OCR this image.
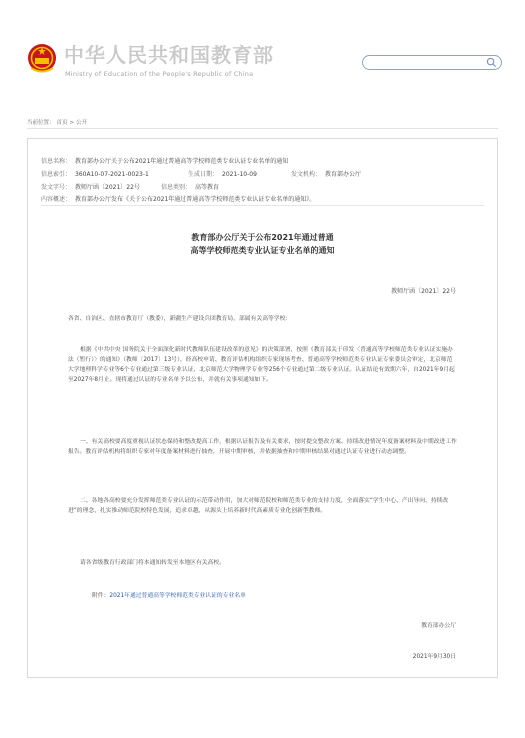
中华人民共和国教育部
Ministry of Education of the People's Republic of China
当前位置： 首页 > 公开
信息名称： 教育部办公厅关于公布2021年通过普通高等学校师范类专业认证专业名单的通知
信息索引： 360A10-07-2021-0023-1	生成日期： 2021-10-09	发文机构： 教育部办公厅
发文字号： 教师厅函〔2021〕22号	信息类别： 高等教育
内容概述： 教育部办公厅发布《关于公布2021年通过普通高等学校师范类专业认证专业名单的通知》。
教育部办公厅关于公布2021年通过普通
高等学校师范类专业认证专业名单的通知
教师厅函〔2021〕22号
各省、自治区、直辖市教育厅（教委），新疆生产建设兵团教育局，部属有关高等学校：
根据《中共中央 国务院关于全面深化新时代教师队伍建设改革的意见》的决策部署，按照《教育部关于印发〈普通高等学校师范类专业认证实施办法（暂行）〉的通知》（教师〔2017〕13号），经高校申请、教育评估机构组织专家现场考查、普通高等学校师范类专业认证专家委员会审定，北京师范大学地理科学专业等6个专业通过第三级专业认证，北京师范大学物理学专业等256个专业通过第二级专业认证。认证结论有效期六年，自2021年9月起至2027年8月止。现将通过认证的专业名单予以公布，并就有关事项通知如下。
一、有关高校要高度重视认证状态保持和整改提高工作，根据认证报告及有关要求，按时提交整改方案、持续改进情况年度备案材料及中期改进工作报告。教育评估机构将组织专家对年度备案材料进行抽查，开展中期审核，并依据抽查和中期审核结果对通过认证专业进行动态调整。
二、各地各高校要充分发挥师范类专业认证的示范带动作用，加大对师范院校和师范类专业的支持力度，全面落实“学生中心、产出导向、持续改进”的理念，扎实推动师范院校特色发展，追求卓越，从源头上培养新时代高素质专业化创新型教师。
请各省级教育行政部门将本通知转发至本地区有关高校。
附件：2021年通过普通高等学校师范类专业认证的专业名单
教育部办公厅
2021年9月30日
